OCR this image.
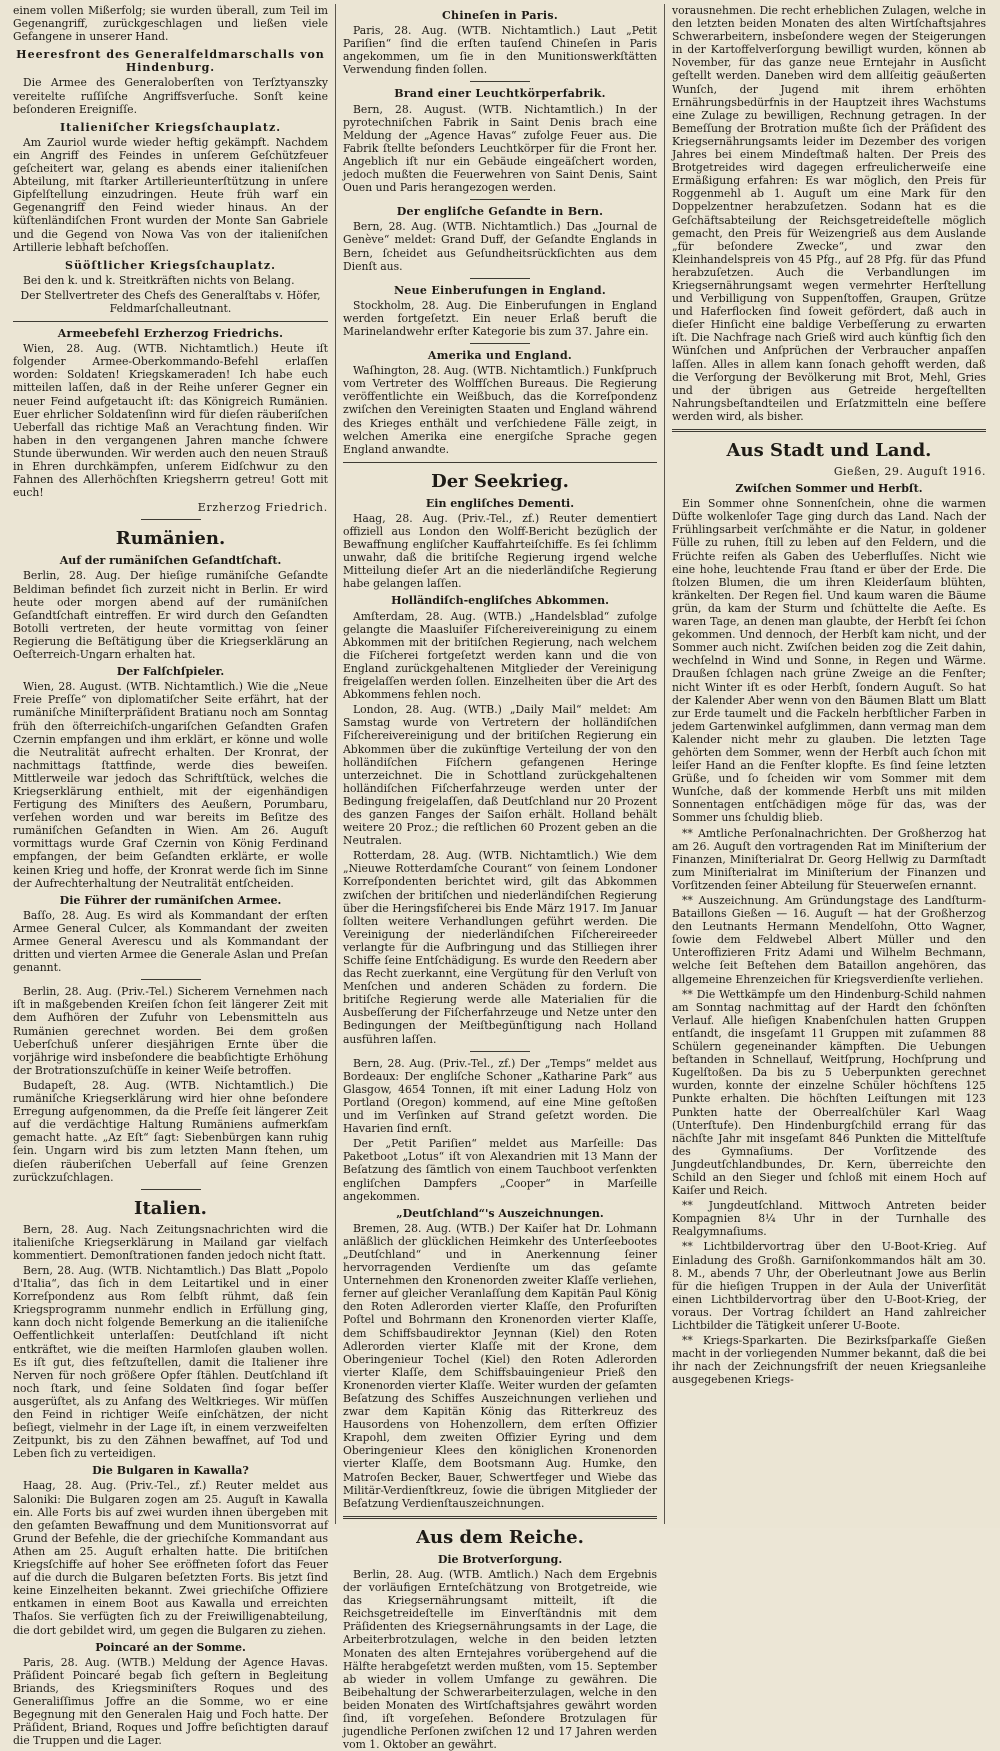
einem vollen Mißerfolg; sie wurden überall, zum Teil im Gegenangriff, zurückgeschlagen und ließen viele Gefangene in unserer Hand.

Heeresfront des Generalfeldmarschalls von Hindenburg.

Die Armee des Generaloberſten von Terſztyanszky vereitelte ruſſiſche Angriffsverſuche. Sonſt keine beſonderen Ereigniſſe.

Italieniſcher Kriegsſchauplatz.

Am Zauriol wurde wieder heftig gekämpft. Nachdem ein Angriff des Feindes in unſerem Geſchützfeuer geſcheitert war, gelang es abends einer italieniſchen Abteilung, mit ſtarker Artillerieunterſtützung in unſere Gipfelſtellung einzudringen. Heute früh warf ein Gegenangriff den Feind wieder hinaus. An der küſtenländiſchen Front wurden der Monte San Gabriele und die Gegend von Nowa Vas von der italieniſchen Artillerie lebhaft beſchoſſen.

Süöſtlicher Kriegsſchauplatz.

Bei den k. und k. Streitkräften nichts von Belang.

Der Stellvertreter des Chefs des Generalſtabs v. Höfer, Feldmarſchalleutnant.

Armeebefehl Erzherzog Friedrichs.

Wien, 28. Aug. (WTB. Nichtamtlich.) Heute iſt folgender Armee-Oberkommando-Befehl erlaſſen worden: Soldaten! Kriegskameraden! Ich habe euch mitteilen laſſen, daß in der Reihe unſerer Gegner ein neuer Feind aufgetaucht iſt: das Königreich Rumänien. Euer ehrlicher Soldatenſinn wird für dieſen räuberiſchen Ueberfall das richtige Maß an Verachtung finden. Wir haben in den vergangenen Jahren manche ſchwere Stunde überwunden. Wir werden auch den neuen Strauß in Ehren durchkämpfen, unſerem Eidſchwur zu den Fahnen des Allerhöchſten Kriegsherrn getreu! Gott mit euch!

Erzherzog Friedrich.

Rumänien.
Auf der rumäniſchen Geſandtſchaft.

Berlin, 28. Aug. Der hieſige rumäniſche Geſandte Beldiman befindet ſich zurzeit nicht in Berlin. Er wird heute oder morgen abend auf der rumäniſchen Geſandtſchaft eintreffen. Er wird durch den Geſandten Botolli vertreten, der heute vormittag von ſeiner Regierung die Beſtätigung über die Kriegserklärung an Oeſterreich-Ungarn erhalten hat.

Der Falſchſpieler.

Wien, 28. August. (WTB. Nichtamtlich.) Wie die „Neue Freie Preſſe“ von diplomatiſcher Seite erfährt, hat der rumäniſche Miniſterpräſident Bratianu noch am Sonntag früh den öſterreichiſch-ungariſchen Geſandten Grafen Czernin empfangen und ihm erklärt, er könne und wolle die Neutralität aufrecht erhalten. Der Kronrat, der nachmittags ſtattfinde, werde dies beweiſen. Mittlerweile war jedoch das Schriftſtück, welches die Kriegserklärung enthielt, mit der eigenhändigen Fertigung des Miniſters des Aeußern, Porumbaru, verſehen worden und war bereits im Beſitze des rumäniſchen Geſandten in Wien. Am 26. Auguſt vormittags wurde Graf Czernin von König Ferdinand empfangen, der beim Geſandten erklärte, er wolle keinen Krieg und hoffe, der Kronrat werde ſich im Sinne der Aufrechterhaltung der Neutralität entſcheiden.

Die Führer der rumäniſchen Armee.

Baſſo, 28. Aug. Es wird als Kommandant der erſten Armee General Culcer, als Kommandant der zweiten Armee General Averescu und als Kommandant der dritten und vierten Armee die Generale Aslan und Preſan genannt.

Berlin, 28. Aug. (Priv.-Tel.) Sicherem Vernehmen nach iſt in maßgebenden Kreiſen ſchon ſeit längerer Zeit mit dem Aufhören der Zufuhr von Lebensmitteln aus Rumänien gerechnet worden. Bei dem großen Ueberſchuß unſerer diesjährigen Ernte über die vorjährige wird insbeſondere die beabſichtigte Erhöhung der Brotrationszuſchüſſe in keiner Weiſe betroffen.

Budapeſt, 28. Aug. (WTB. Nichtamtlich.) Die rumäniſche Kriegserklärung wird hier ohne beſondere Erregung aufgenommen, da die Preſſe ſeit längerer Zeit auf die verdächtige Haltung Rumäniens aufmerkſam gemacht hatte. „Az Eſt“ ſagt: Siebenbürgen kann ruhig ſein. Ungarn wird bis zum letzten Mann ſtehen, um dieſen räuberiſchen Ueberfall auf ſeine Grenzen zurückzuſchlagen.

Italien.

Bern, 28. Aug. Nach Zeitungsnachrichten wird die italieniſche Kriegserklärung in Mailand gar vielfach kommentiert. Demonſtrationen fanden jedoch nicht ſtatt.

Bern, 28. Aug. (WTB. Nichtamtlich.) Das Blatt „Popolo d'Italia“, das ſich in dem Leitartikel und in einer Korreſpondenz aus Rom ſelbſt rühmt, daß ſein Kriegsprogramm nunmehr endlich in Erfüllung ging, kann doch nicht folgende Bemerkung an die italieniſche Oeffentlichkeit unterlaſſen: Deutſchland iſt nicht entkräftet, wie die meiſten Harmloſen glauben wollen. Es iſt gut, dies feſtzuſtellen, damit die Italiener ihre Nerven für noch größere Opfer ſtählen. Deutſchland iſt noch ſtark, und ſeine Soldaten ſind ſogar beſſer ausgerüſtet, als zu Anfang des Weltkrieges. Wir müſſen den Feind in richtiger Weiſe einſchätzen, der nicht beſiegt, vielmehr in der Lage iſt, in einem verzweifelten Zeitpunkt, bis zu den Zähnen bewaffnet, auf Tod und Leben ſich zu verteidigen.

Die Bulgaren in Kawalla?

Haag, 28. Aug. (Priv.-Tel., zf.) Reuter meldet aus Saloniki: Die Bulgaren zogen am 25. Auguſt in Kawalla ein. Alle Forts bis auf zwei wurden ihnen übergeben mit den geſamten Bewaffnung und dem Munitionsvorrat auf Grund der Befehle, die der griechiſche Kommandant aus Athen am 25. Auguſt erhalten hatte. Die britiſchen Kriegsſchiffe auf hoher See eröffneten ſofort das Feuer auf die durch die Bulgaren beſetzten Forts. Bis jetzt ſind keine Einzelheiten bekannt. Zwei griechiſche Offiziere entkamen in einem Boot aus Kawalla und erreichten Thaſos. Sie verfügten ſich zu der Freiwilligenabteilung, die dort gebildet wird, um gegen die Bulgaren zu ziehen.

Poincaré an der Somme.

Paris, 28. Aug. (WTB.) Meldung der Agence Havas. Präſident Poincaré begab ſich geſtern in Begleitung Briands, des Kriegsminiſters Roques und des Generaliſſimus Joffre an die Somme, wo er eine Begegnung mit den Generalen Haig und Foch hatte. Der Präſident, Briand, Roques und Joffre beſichtigten darauf die Truppen und die Lager.

Chineſen in Paris.

Paris, 28. Aug. (WTB. Nichtamtlich.) Laut „Petit Pariſien“ ſind die erſten tauſend Chineſen in Paris angekommen, um ſie in den Munitionswerkſtätten Verwendung finden ſollen.

Brand einer Leuchtkörperfabrik.

Bern, 28. August. (WTB. Nichtamtlich.) In der pyrotechniſchen Fabrik in Saint Denis brach eine Meldung der „Agence Havas“ zufolge Feuer aus. Die Fabrik ſtellte beſonders Leuchtkörper für die Front her. Angeblich iſt nur ein Gebäude eingeäſchert worden, jedoch mußten die Feuerwehren von Saint Denis, Saint Ouen und Paris herangezogen werden.

Der engliſche Geſandte in Bern.

Bern, 28. Aug. (WTB. Nichtamtlich.) Das „Journal de Genève“ meldet: Grand Duff, der Geſandte Englands in Bern, ſcheidet aus Geſundheitsrückſichten aus dem Dienſt aus.

Neue Einberufungen in England.

Stockholm, 28. Aug. Die Einberufungen in England werden fortgeſetzt. Ein neuer Erlaß beruft die Marinelandwehr erſter Kategorie bis zum 37. Jahre ein.

Amerika und England.

Waſhington, 28. Aug. (WTB. Nichtamtlich.) Funkſpruch vom Vertreter des Wolffſchen Bureaus. Die Regierung veröffentlichte ein Weißbuch, das die Korreſpondenz zwiſchen den Vereinigten Staaten und England während des Krieges enthält und verſchiedene Fälle zeigt, in welchen Amerika eine energiſche Sprache gegen England anwandte.

Der Seekrieg.
Ein engliſches Dementi.

Haag, 28. Aug. (Priv.-Tel., zf.) Reuter dementiert offiziell aus London den Wolff-Bericht bezüglich der Bewaffnung engliſcher Kauffahrteiſchiffe. Es ſei ſchlimm unwahr, daß die britiſche Regierung irgend welche Mitteilung dieſer Art an die niederländiſche Regierung habe gelangen laſſen.

Holländiſch-engliſches Abkommen.

Amſterdam, 28. Aug. (WTB.) „Handelsblad“ zufolge gelangte die Maasluiſer Fiſchereivereinigung zu einem Abkommen mit der britiſchen Regierung, nach welchem die Fiſcherei fortgeſetzt werden kann und die von England zurückgehaltenen Mitglieder der Vereinigung freigelaſſen werden ſollen. Einzelheiten über die Art des Abkommens fehlen noch.

London, 28. Aug. (WTB.) „Daily Mail“ meldet: Am Samstag wurde von Vertretern der holländiſchen Fiſchereivereinigung und der britiſchen Regierung ein Abkommen über die zukünftige Verteilung der von den holländiſchen Fiſchern gefangenen Heringe unterzeichnet. Die in Schottland zurückgehaltenen holländiſchen Fiſcherfahrzeuge werden unter der Bedingung freigelaſſen, daß Deutſchland nur 20 Prozent des ganzen Fanges der Saiſon erhält. Holland behält weitere 20 Proz.; die reſtlichen 60 Prozent geben an die Neutralen.

Rotterdam, 28. Aug. (WTB. Nichtamtlich.) Wie dem „Nieuwe Rotterdamſche Courant“ von ſeinem Londoner Korreſpondenten berichtet wird, gilt das Abkommen zwiſchen der britiſchen und niederländiſchen Regierung über die Heringsfiſcherei bis Ende März 1917. Im Januar ſollten weitere Verhandlungen geführt werden. Die Vereinigung der niederländiſchen Fiſchereireeder verlangte für die Aufbringung und das Stilliegen ihrer Schiffe ſeine Entſchädigung. Es wurde den Reedern aber das Recht zuerkannt, eine Vergütung für den Verluſt von Menſchen und anderen Schäden zu fordern. Die britiſche Regierung werde alle Materialien für die Ausbeſſerung der Fiſcherfahrzeuge und Netze unter den Bedingungen der Meiſtbegünſtigung nach Holland ausführen laſſen.

Bern, 28. Aug. (Priv.-Tel., zf.) Der „Temps“ meldet aus Bordeaux: Der engliſche Schoner „Katharine Park“ aus Glasgow, 4654 Tonnen, iſt mit einer Ladung Holz von Portland (Oregon) kommend, auf eine Mine geſtoßen und im Verſinken auf Strand geſetzt worden. Die Havarien ſind ernſt.

Der „Petit Pariſien“ meldet aus Marſeille: Das Paketboot „Lotus“ iſt von Alexandrien mit 13 Mann der Beſatzung des ſämtlich von einem Tauchboot verſenkten engliſchen Dampfers „Cooper“ in Marſeille angekommen.

„Deutſchland“'s Auszeichnungen.

Bremen, 28. Aug. (WTB.) Der Kaiſer hat Dr. Lohmann anläßlich der glücklichen Heimkehr des Unterſeebootes „Deutſchland“ und in Anerkennung ſeiner hervorragenden Verdienſte um das geſamte Unternehmen den Kronenorden zweiter Klaſſe verliehen, ferner auf gleicher Veranlaſſung dem Kapitän Paul König den Roten Adlerorden vierter Klaſſe, den Profuriſten Poſtel und Bohrmann den Kronenorden vierter Klaſſe, dem Schiffsbaudirektor Jeynnan (Kiel) den Roten Adlerorden vierter Klaſſe mit der Krone, dem Oberingenieur Tochel (Kiel) den Roten Adlerorden vierter Klaſſe, dem Schiffsbauingenieur Prieß den Kronenorden vierter Klaſſe. Weiter wurden der geſamten Beſatzung des Schiffes Auszeichnungen verliehen und zwar dem Kapitän König das Ritterkreuz des Hausordens von Hohenzollern, dem erſten Offizier Krapohl, dem zweiten Offizier Eyring und dem Oberingenieur Klees den königlichen Kronenorden vierter Klaſſe, dem Bootsmann Aug. Humke, den Matroſen Becker, Bauer, Schwertfeger und Wiebe das Militär-Verdienſtkreuz, ſowie die übrigen Mitglieder der Beſatzung Verdienſtauszeichnungen.

Aus dem Reiche.
Die Brotverſorgung.

Berlin, 28. Aug. (WTB. Amtlich.) Nach dem Ergebnis der vorläufigen Ernteſchätzung von Brotgetreide, wie das Kriegsernährungsamt mitteilt, iſt die Reichsgetreideſtelle im Einverſtändnis mit dem Präſidenten des Kriegsernährungsamts in der Lage, die Arbeiterbrotzulagen, welche in den beiden letzten Monaten des alten Erntejahres vorübergehend auf die Hälfte herabgeſetzt werden mußten, vom 15. September ab wieder in vollem Umfange zu gewähren. Die Beibehaltung der Schwerarbeiterzulagen, welche in den beiden Monaten des Wirtſchaftsjahres gewährt worden ſind, iſt vorgeſehen. Beſondere Brotzulagen für jugendliche Perſonen zwiſchen 12 und 17 Jahren werden vom 1. Oktober an gewährt.

vorausnehmen. Die recht erheblichen Zulagen, welche in den letzten beiden Monaten des alten Wirtſchaftsjahres Schwerarbeitern, insbeſondere wegen der Steigerungen in der Kartoffelverſorgung bewilligt wurden, können ab November, für das ganze neue Erntejahr in Ausſicht geſtellt werden. Daneben wird dem allſeitig geäußerten Wunſch, der Jugend mit ihrem erhöhten Ernährungsbedürfnis in der Hauptzeit ihres Wachstums eine Zulage zu bewilligen, Rechnung getragen. In der Bemeſſung der Brotration mußte ſich der Präſident des Kriegsernährungsamts leider im Dezember des vorigen Jahres bei einem Mindeſtmaß halten. Der Preis des Brotgetreides wird dagegen erfreulicherweiſe eine Ermäßigung erfahren: Es war möglich, den Preis für Roggenmehl ab 1. Auguſt um eine Mark für den Doppelzentner herabzuſetzen. Sodann hat es die Geſchäftsabteilung der Reichsgetreideſtelle möglich gemacht, den Preis für Weizengrieß aus dem Auslande „für beſondere Zwecke“, und zwar den Kleinhandelspreis von 45 Pfg., auf 28 Pfg. für das Pfund herabzuſetzen. Auch die Verbandlungen im Kriegsernährungsamt wegen vermehrter Herſtellung und Verbilligung von Suppenſtoffen, Graupen, Grütze und Haferflocken ſind ſoweit gefördert, daß auch in dieſer Hinſicht eine baldige Verbeſſerung zu erwarten iſt. Die Nachfrage nach Grieß wird auch künftig ſich den Wünſchen und Anſprüchen der Verbraucher anpaſſen laſſen. Alles in allem kann ſonach gehofft werden, daß die Verſorgung der Bevölkerung mit Brot, Mehl, Gries und der übrigen aus Getreide hergeſtellten Nahrungsbeſtandteilen und Erſatzmitteln eine beſſere werden wird, als bisher.

Aus Stadt und Land.

Gießen, 29. Auguſt 1916.

Zwiſchen Sommer und Herbſt.

Ein Sommer ohne Sonnenſchein, ohne die warmen Düfte wolkenloſer Tage ging durch das Land. Nach der Frühlingsarbeit verſchmähte er die Natur, in goldener Fülle zu ruhen, ſtill zu leben auf den Feldern, und die Früchte reifen als Gaben des Ueberfluſſes. Nicht wie eine hohe, leuchtende Frau ſtand er über der Erde. Die ſtolzen Blumen, die um ihren Kleiderſaum blühten, kränkelten. Der Regen fiel. Und kaum waren die Bäume grün, da kam der Sturm und ſchüttelte die Aeſte. Es waren Tage, an denen man glaubte, der Herbſt ſei ſchon gekommen. Und dennoch, der Herbſt kam nicht, und der Sommer auch nicht. Zwiſchen beiden zog die Zeit dahin, wechſelnd in Wind und Sonne, in Regen und Wärme. Draußen ſchlagen nach grüne Zweige an die Fenſter; nicht Winter iſt es oder Herbſt, ſondern Auguſt. So hat der Kalender Aber wenn von den Bäumen Blatt um Blatt zur Erde taumelt und die Fackeln herbſtlicher Farben in jedem Gartenwinkel aufglimmen, dann vermag man dem Kalender nicht mehr zu glauben. Die letzten Tage gehörten dem Sommer, wenn der Herbſt auch ſchon mit leiſer Hand an die Fenſter klopfte. Es ſind ſeine letzten Grüße, und ſo ſcheiden wir vom Sommer mit dem Wunſche, daß der kommende Herbſt uns mit milden Sonnentagen entſchädigen möge für das, was der Sommer uns ſchuldig blieb.

** Amtliche Perſonalnachrichten. Der Großherzog hat am 26. Auguſt den vortragenden Rat im Miniſterium der Finanzen, Miniſterialrat Dr. Georg Hellwig zu Darmſtadt zum Miniſterialrat im Miniſterium der Finanzen und Vorſitzenden ſeiner Abteilung für Steuerweſen ernannt.

** Auszeichnung. Am Gründungstage des Landſturm-Bataillons Gießen — 16. Auguſt — hat der Großherzog den Leutnants Hermann Mendelſohn, Otto Wagner, ſowie dem Feldwebel Albert Müller und den Unteroffizieren Fritz Adami und Wilhelm Bechmann, welche ſeit Beſtehen dem Bataillon angehören, das allgemeine Ehrenzeichen für Kriegsverdienſte verliehen.

** Die Wettkämpfe um den Hindenburg-Schild nahmen am Sonntag nachmittag auf der Hardt den ſchönſten Verlauf. Alle hieſigen Knabenſchulen hatten Gruppen entſandt, die insgeſamt 11 Gruppen mit zuſammen 88 Schülern gegeneinander kämpften. Die Uebungen beſtanden in Schnellauf, Weitſprung, Hochſprung und Kugelſtoßen. Da bis zu 5 Ueberpunkten gerechnet wurden, konnte der einzelne Schüler höchſtens 125 Punkte erhalten. Die höchſten Leiſtungen mit 123 Punkten hatte der Oberrealſchüler Karl Waag (Unterſtufe). Den Hindenburgſchild errang für das nächſte Jahr mit insgeſamt 846 Punkten die Mittelſtufe des Gymnaſiums. Der Vorſitzende des Jungdeutſchlandbundes, Dr. Kern, überreichte den Schild an den Sieger und ſchloß mit einem Hoch auf Kaiſer und Reich.

** Jungdeutſchland. Mittwoch Antreten beider Kompagnien 8¼ Uhr in der Turnhalle des Realgymnaſiums.

** Lichtbildervortrag über den U-Boot-Krieg. Auf Einladung des Großh. Garniſonkommandos hält am 30. 8. M., abends 7 Uhr, der Oberleutnant Jowe aus Berlin für die hieſigen Truppen in der Aula der Univerſität einen Lichtbildervortrag über den U-Boot-Krieg, der voraus. Der Vortrag ſchildert an Hand zahlreicher Lichtbilder die Tätigkeit unſerer U-Boote.

** Kriegs-Sparkarten. Die Bezirksſparkaſſe Gießen macht in der vorliegenden Nummer bekannt, daß die bei ihr nach der Zeichnungsfriſt der neuen Kriegsanleihe ausgegebenen Kriegs-
